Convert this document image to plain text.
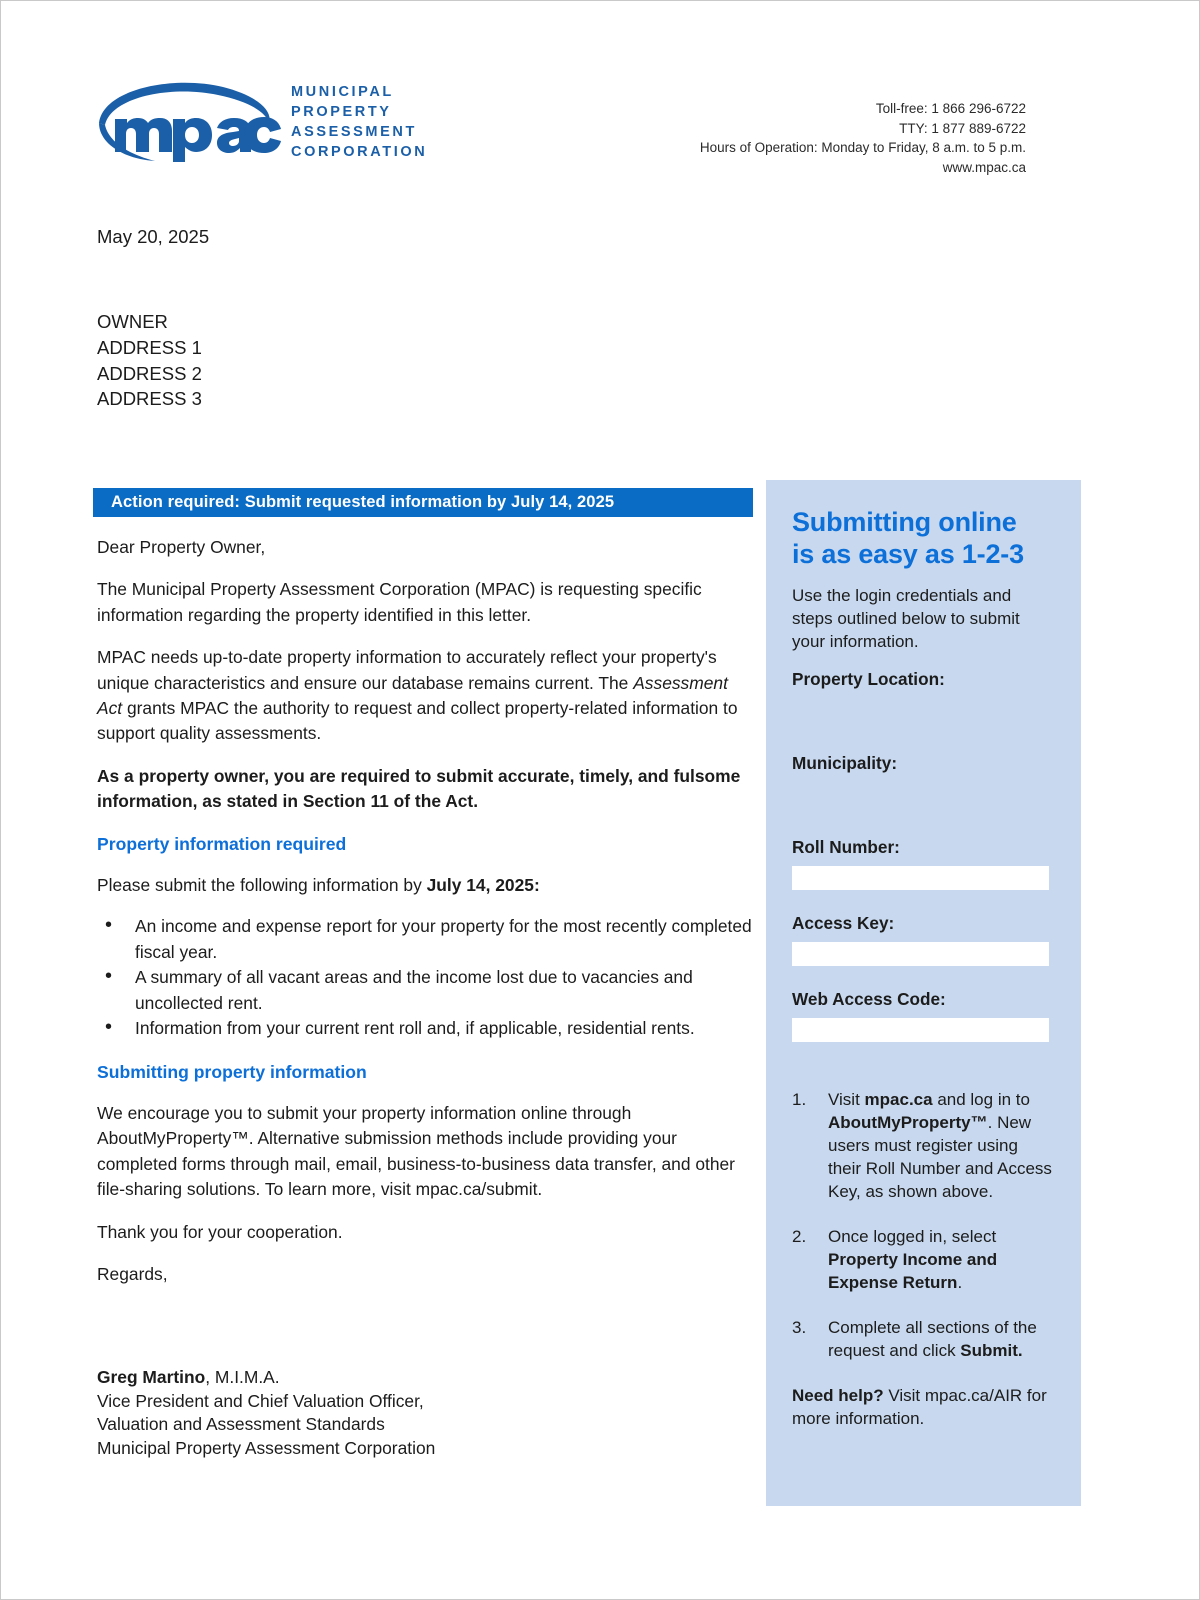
MUNICIPAL
PROPERTY
ASSESSMENT
CORPORATION
Toll-free: 1 866 296-6722
TTY: 1 877 889-6722
Hours of Operation: Monday to Friday, 8 a.m. to 5 p.m.
www.mpac.ca
May 20, 2025
OWNER
ADDRESS 1
ADDRESS 2
ADDRESS 3
Action required: Submit requested information by July 14, 2025

Dear Property Owner,

The Municipal Property Assessment Corporation (MPAC) is requesting specific information regarding the property identified in this letter.

MPAC needs up-to-date property information to accurately reflect your property's unique characteristics and ensure our database remains current. The Assessment Act grants MPAC the authority to request and collect property-related information to support quality assessments.

As a property owner, you are required to submit accurate, timely, and fulsome information, as stated in Section 11 of the Act.

Property information required

Please submit the following information by July 14, 2025:

• An income and expense report for your property for the most recently completed fiscal year.
• A summary of all vacant areas and the income lost due to vacancies and uncollected rent.
• Information from your current rent roll and, if applicable, residential rents.
Submitting property information

We encourage you to submit your property information online through AboutMyProperty™. Alternative submission methods include providing your completed forms through mail, email, business-to-business data transfer, and other file-sharing solutions. To learn more, visit mpac.ca/submit.

Thank you for your cooperation.

Regards,

Greg Martino, M.I.M.A.
Vice President and Chief Valuation Officer,
Valuation and Assessment Standards
Municipal Property Assessment Corporation
Submitting online
is as easy as 1-2-3
Use the login credentials and steps outlined below to submit your information.
Property Location:
Municipality:
Roll Number:
Access Key:
Web Access Code:
1. Visit mpac.ca and log in to AboutMyProperty™. New users must register using their Roll Number and Access Key, as shown above.
2. Once logged in, select Property Income and Expense Return.
3. Complete all sections of the request and click Submit.
Need help? Visit mpac.ca/AIR for more information.
